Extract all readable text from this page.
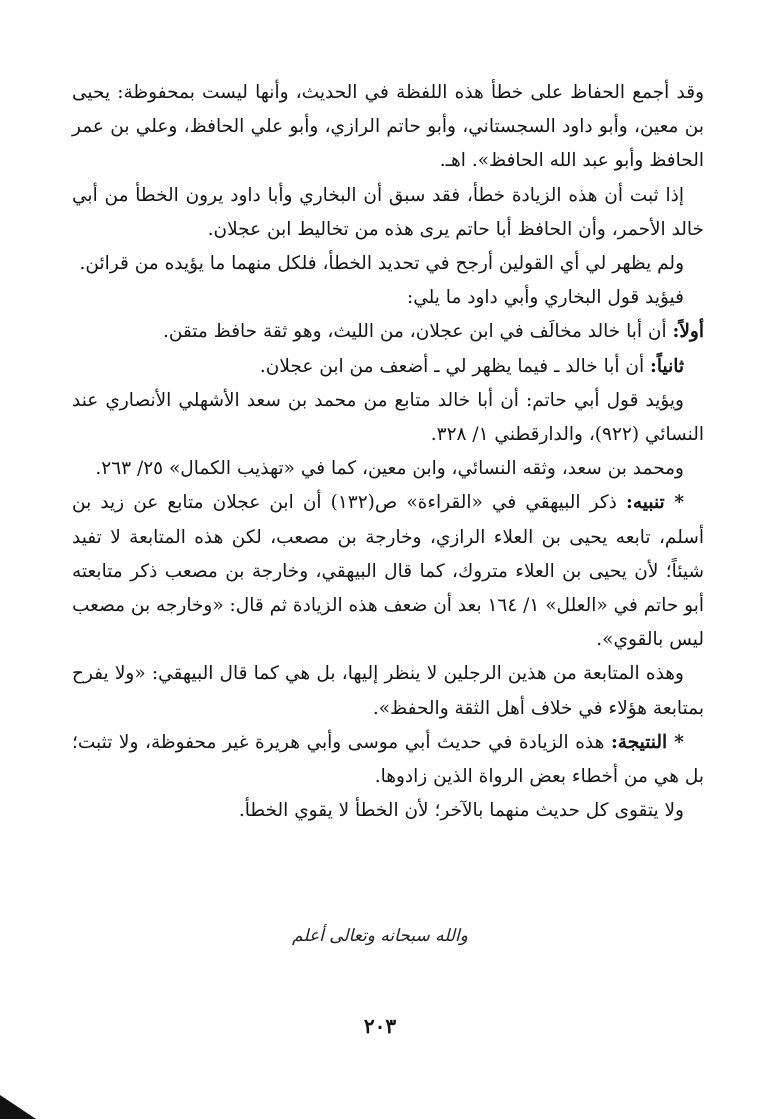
وقد أجمع الحفاظ على خطأ هذه اللفظة في الحديث، وأنها ليست بمحفوظة: يحيى بن معين، وأبو داود السجستاني، وأبو حاتم الرازي، وأبو علي الحافظ، وعلي بن عمر الحافظ وأبو عبد الله الحافظ». اهـ.

إذا ثبت أن هذه الزيادة خطأ، فقد سبق أن البخاري وأبا داود يرون الخطأ من أبي خالد الأحمر، وأن الحافظ أبا حاتم يرى هذه من تخاليط ابن عجلان.

ولم يظهر لي أي القولين أرجح في تحديد الخطأ، فلكل منهما ما يؤيده من قرائن.

فيؤيد قول البخاري وأبي داود ما يلي:

أولاً: أن أبا خالد مخالَف في ابن عجلان، من الليث، وهو ثقة حافظ متقن.

ثانياً: أن أبا خالد ـ فيما يظهر لي ـ أضعف من ابن عجلان.

ويؤيد قول أبي حاتم: أن أبا خالد متابع من محمد بن سعد الأشهلي الأنصاري عند النسائي (٩٢٢)، والدارقطني ١/ ٣٢٨.

ومحمد بن سعد، وثقه النسائي، وابن معين، كما في «تهذيب الكمال» ٢٥/ ٢٦٣.

* تنبيه: ذكر البيهقي في «القراءة» ص(١٣٢) أن ابن عجلان متابع عن زيد بن أسلم، تابعه يحيى بن العلاء الرازي، وخارجة بن مصعب، لكن هذه المتابعة لا تفيد شيئاً؛ لأن يحيى بن العلاء متروك، كما قال البيهقي، وخارجة بن مصعب ذكر متابعته أبو حاتم في «العلل» ١/ ١٦٤ بعد أن ضعف هذه الزيادة ثم قال: «وخارجه بن مصعب ليس بالقوي».

وهذه المتابعة من هذين الرجلين لا ينظر إليها، بل هي كما قال البيهقي: «ولا يفرح بمتابعة هؤلاء في خلاف أهل الثقة والحفظ».

* النتيجة: هذه الزيادة في حديث أبي موسى وأبي هريرة غير محفوظة، ولا تثبت؛ بل هي من أخطاء بعض الرواة الذين زادوها.

ولا يتقوى كل حديث منهما بالآخر؛ لأن الخطأ لا يقوي الخطأ.

والله سبحانه وتعالى أعلم
٢٠٣
